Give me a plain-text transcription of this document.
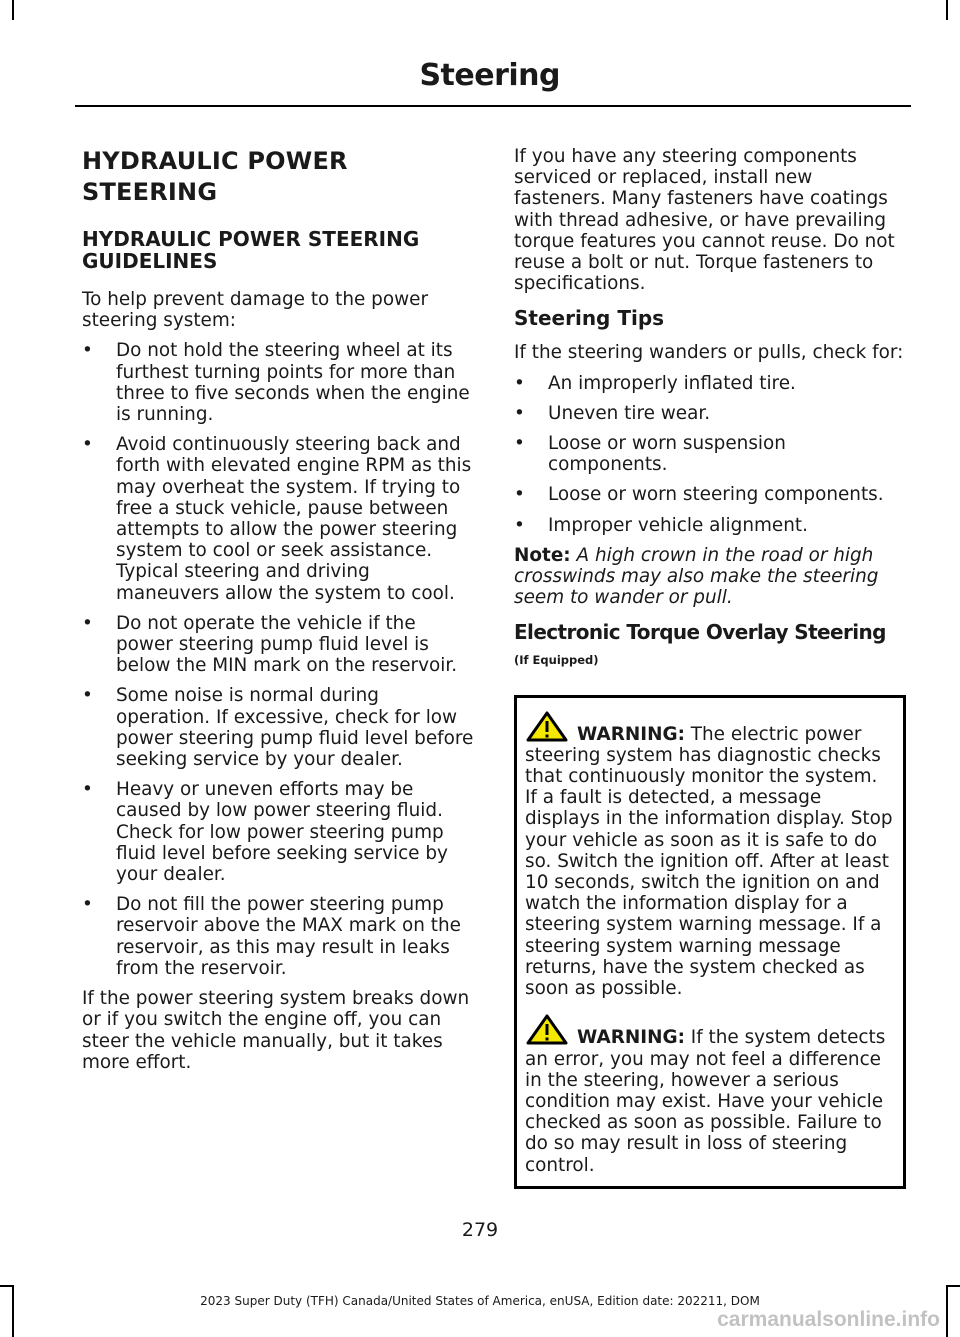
Steering
HYDRAULIC POWER STEERING
HYDRAULIC POWER STEERING GUIDELINES

To help prevent damage to the power steering system:

• Do not hold the steering wheel at its furthest turning points for more than three to five seconds when the engine is running.
• Avoid continuously steering back and forth with elevated engine RPM as this may overheat the system. If trying to free a stuck vehicle, pause between attempts to allow the power steering system to cool or seek assistance. Typical steering and driving maneuvers allow the system to cool.
• Do not operate the vehicle if the power steering pump fluid level is below the MIN mark on the reservoir.
• Some noise is normal during operation. If excessive, check for low power steering pump fluid level before seeking service by your dealer.
• Heavy or uneven efforts may be caused by low power steering fluid. Check for low power steering pump fluid level before seeking service by your dealer.
• Do not fill the power steering pump reservoir above the MAX mark on the reservoir, as this may result in leaks from the reservoir.

If the power steering system breaks down or if you switch the engine off, you can steer the vehicle manually, but it takes more effort.

If you have any steering components serviced or replaced, install new fasteners. Many fasteners have coatings with thread adhesive, or have prevailing torque features you cannot reuse. Do not reuse a bolt or nut. Torque fasteners to specifications.

Steering Tips

If the steering wanders or pulls, check for:

• An improperly inflated tire.
• Uneven tire wear.
• Loose or worn suspension components.
• Loose or worn steering components.
• Improper vehicle alignment.

Note: A high crown in the road or high crosswinds may also make the steering seem to wander or pull.

Electronic Torque Overlay Steering
(If Equipped)

WARNING: The electric power steering system has diagnostic checks that continuously monitor the system. If a fault is detected, a message displays in the information display. Stop your vehicle as soon as it is safe to do so. Switch the ignition off. After at least 10 seconds, switch the ignition on and watch the information display for a steering system warning message. If a steering system warning message returns, have the system checked as soon as possible.

WARNING: If the system detects an error, you may not feel a difference in the steering, however a serious condition may exist. Have your vehicle checked as soon as possible. Failure to do so may result in loss of steering control.

279
2023 Super Duty (TFH) Canada/United States of America, enUSA, Edition date: 202211, DOM
carmanualsonline.info
